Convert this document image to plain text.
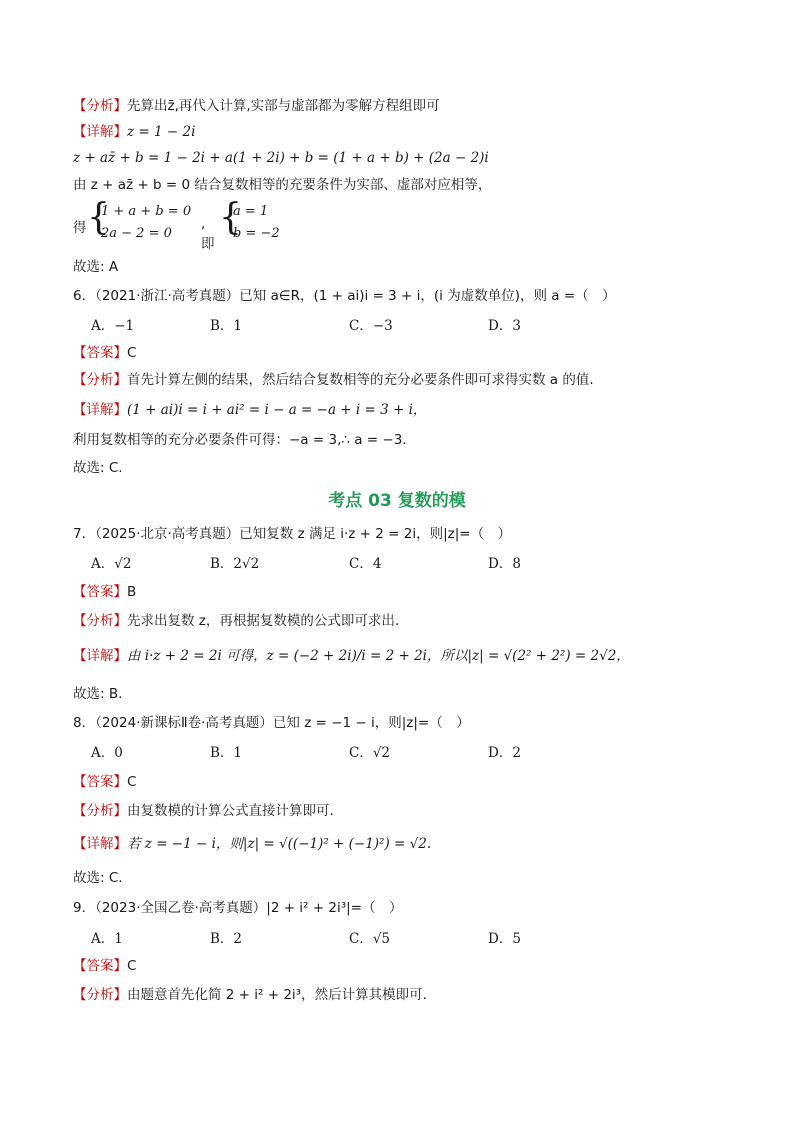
【分析】先算出z̄,再代入计算,实部与虚部都为零解方程组即可
【详解】z = 1 − 2i
z + az̄ + b = 1 − 2i + a(1 + 2i) + b = (1 + a + b) + (2a − 2)i
由 z + az̄ + b = 0 结合复数相等的充要条件为实部、虚部对应相等，
得 {
1 + a + b = 0
2a − 2 = 0
,即
{
a = 1
b = −2
故选: A
6．（2021·浙江·高考真题）已知 a∈R，(1 + ai)i = 3 + i，(i 为虚数单位)，则 a =（　）
A．−1	B．1	C．−3	D．3
【答案】C
【分析】首先计算左侧的结果，然后结合复数相等的充分必要条件即可求得实数 a 的值.
【详解】(1 + ai)i = i + ai² = i − a = −a + i = 3 + i，
利用复数相等的充分必要条件可得：−a = 3,∴ a = −3.
故选: C.
考点 03 复数的模
7．（2025·北京·高考真题）已知复数 z 满足 i·z + 2 = 2i，则|z|=（　）
A．√2	B．2√2	C．4	D．8
【答案】B
【分析】先求出复数 z，再根据复数模的公式即可求出.
【详解】由 i·z + 2 = 2i 可得，z = (−2 + 2i)/i = 2 + 2i，所以|z| = √(2² + 2²) = 2√2，
故选: B.
8．（2024·新课标Ⅱ卷·高考真题）已知 z = −1 − i，则|z|=（　）
A．0	B．1	C．√2	D．2
【答案】C
【分析】由复数模的计算公式直接计算即可.
【详解】若 z = −1 − i，则|z| = √((−1)² + (−1)²) = √2.
故选: C.
9．（2023·全国乙卷·高考真题）|2 + i² + 2i³|=（　）
A．1	B．2	C．√5	D．5
【答案】C
【分析】由题意首先化简 2 + i² + 2i³，然后计算其模即可.
